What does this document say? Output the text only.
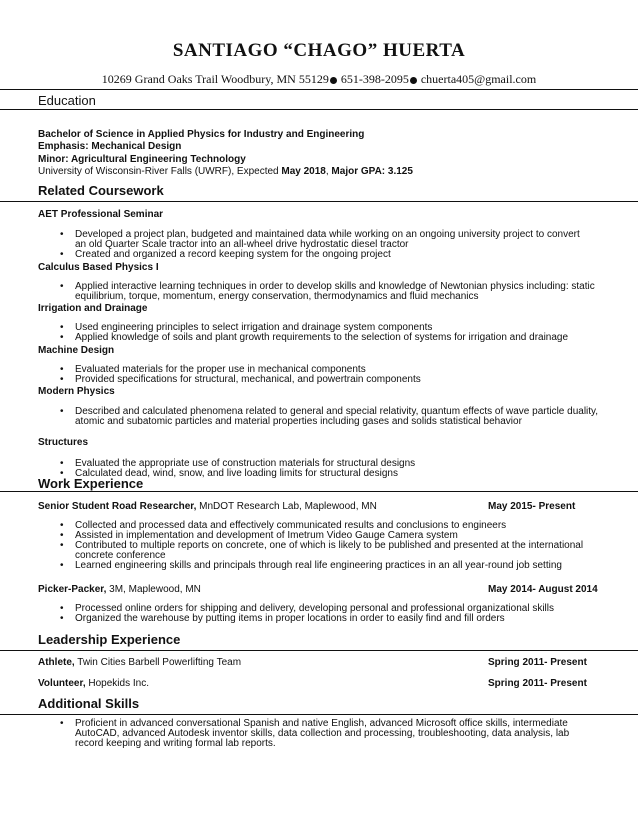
SANTIAGO “CHAGO” HUERTA
10269 Grand Oaks Trail Woodbury, MN 55129 651-398-2095 chuerta405@gmail.com
Education
Bachelor of Science in Applied Physics for Industry and Engineering
Emphasis: Mechanical Design
Minor: Agricultural Engineering Technology
University of Wisconsin-River Falls (UWRF), Expected May 2018, Major GPA: 3.125
Related Coursework
AET Professional Seminar
• Developed a project plan, budgeted and maintained data while working on an ongoing university project to convert an old Quarter Scale tractor into an all-wheel drive hydrostatic diesel tractor
• Created and organized a record keeping system for the ongoing project
Calculus Based Physics I
• Applied interactive learning techniques in order to develop skills and knowledge of Newtonian physics including: static equilibrium, torque, momentum, energy conservation, thermodynamics and fluid mechanics
Irrigation and Drainage
• Used engineering principles to select irrigation and drainage system components
• Applied knowledge of soils and plant growth requirements to the selection of systems for irrigation and drainage
Machine Design
• Evaluated materials for the proper use in mechanical components
• Provided specifications for structural, mechanical, and powertrain components
Modern Physics
• Described and calculated phenomena related to general and special relativity, quantum effects of wave particle duality, atomic and subatomic particles and material properties including gases and solids statistical behavior
Structures
• Evaluated the appropriate use of construction materials for structural designs
• Calculated dead, wind, snow, and live loading limits for structural designs
Work Experience
Senior Student Road Researcher, MnDOT Research Lab, Maplewood, MN	May 2015- Present
• Collected and processed data and effectively communicated results and conclusions to engineers
• Assisted in implementation and development of Imetrum Video Gauge Camera system
• Contributed to multiple reports on concrete, one of which is likely to be published and presented at the international concrete conference
• Learned engineering skills and principals through real life engineering practices in an all year-round job setting
Picker-Packer, 3M, Maplewood, MN	May 2014- August 2014
• Processed online orders for shipping and delivery, developing personal and professional organizational skills
• Organized the warehouse by putting items in proper locations in order to easily find and fill orders
Leadership Experience
Athlete, Twin Cities Barbell Powerlifting Team	Spring 2011- Present
Volunteer, Hopekids Inc.	Spring 2011- Present
Additional Skills
• Proficient in advanced conversational Spanish and native English, advanced Microsoft office skills, intermediate AutoCAD, advanced Autodesk inventor skills, data collection and processing, troubleshooting, data analysis, lab record keeping and writing formal lab reports.
